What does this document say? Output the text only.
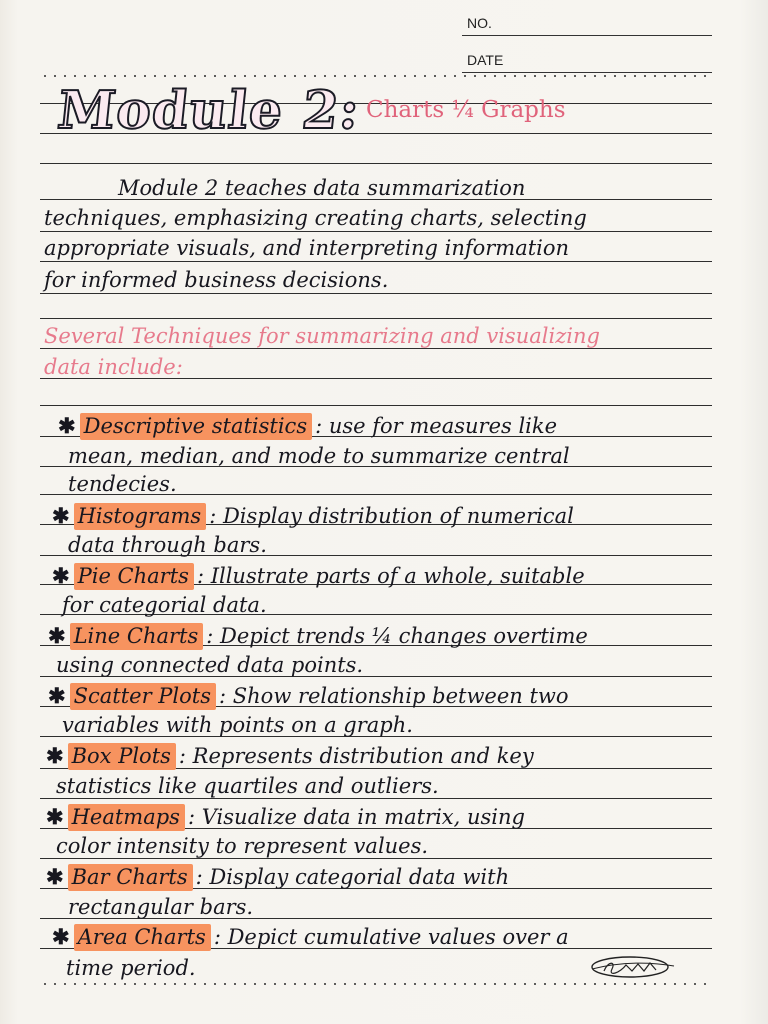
NO.
DATE
Module 2: Charts ¼ Graphs
Module 2 teaches data summarization
techniques, emphasizing creating charts, selecting
appropriate visuals, and interpreting information
for informed business decisions.
Several Techniques for summarizing and visualizing
data include:
✱ Descriptive statistics : use for measures like
mean, median, and mode to summarize central
tendecies.
✱ Histograms : Display distribution of numerical
data through bars.
✱ Pie Charts : Illustrate parts of a whole, suitable
for categorial data.
✱ Line Charts : Depict trends ¼ changes overtime
using connected data points.
✱ Scatter Plots : Show relationship between two
variables with points on a graph.
✱ Box Plots : Represents distribution and key
statistics like quartiles and outliers.
✱ Heatmaps : Visualize data in matrix, using
color intensity to represent values.
✱ Bar Charts : Display categorial data with
rectangular bars.
✱ Area Charts : Depict cumulative values over a
time period.
